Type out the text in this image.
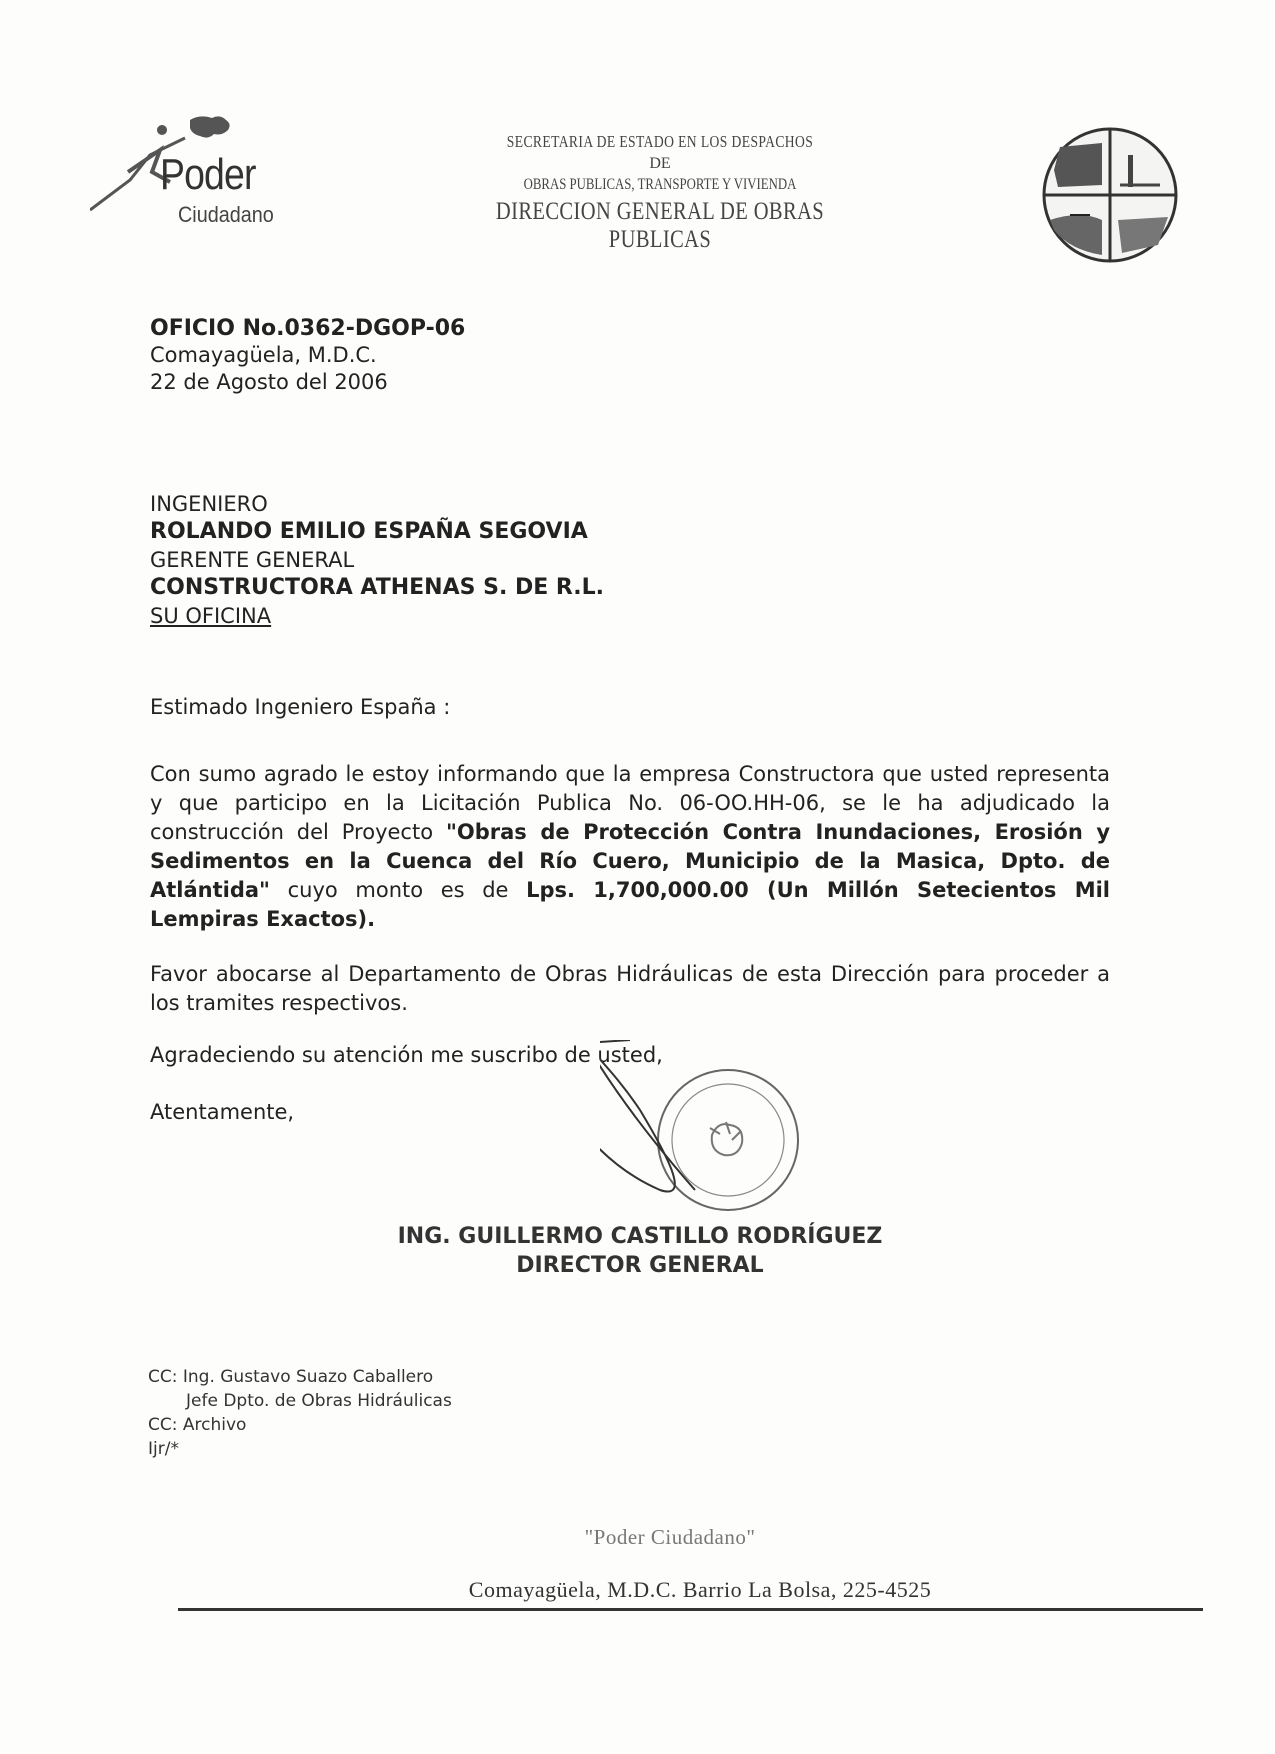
Poder
Ciudadano
SECRETARIA DE ESTADO EN LOS DESPACHOS
DE
OBRAS PUBLICAS, TRANSPORTE Y VIVIENDA
DIRECCION GENERAL DE OBRAS PUBLICAS
OFICIO No.0362-DGOP-06
Comayagüela, M.D.C.
22 de Agosto del 2006
INGENIERO
ROLANDO EMILIO ESPAÑA SEGOVIA
GERENTE GENERAL
CONSTRUCTORA ATHENAS S. DE R.L.
SU OFICINA
Estimado Ingeniero España :
Con sumo agrado le estoy informando que la empresa Constructora que usted representa y que participo en la Licitación Publica No. 06-OO.HH-06, se le ha adjudicado la construcción del Proyecto "Obras de Protección Contra Inundaciones, Erosión y Sedimentos en la Cuenca del Río Cuero, Municipio de la Masica, Dpto. de Atlántida" cuyo monto es de Lps. 1,700,000.00 (Un Millón Setecientos Mil Lempiras Exactos).
Favor abocarse al Departamento de Obras Hidráulicas de esta Dirección para proceder a los tramites respectivos.
Agradeciendo su atención me suscribo de usted,
Atentamente,
ING. GUILLERMO CASTILLO RODRÍGUEZ
DIRECTOR GENERAL
CC: Ing. Gustavo Suazo Caballero
Jefe Dpto. de Obras Hidráulicas
CC: Archivo
Ijr/*
"Poder Ciudadano"
Comayagüela, M.D.C. Barrio La Bolsa, 225-4525
